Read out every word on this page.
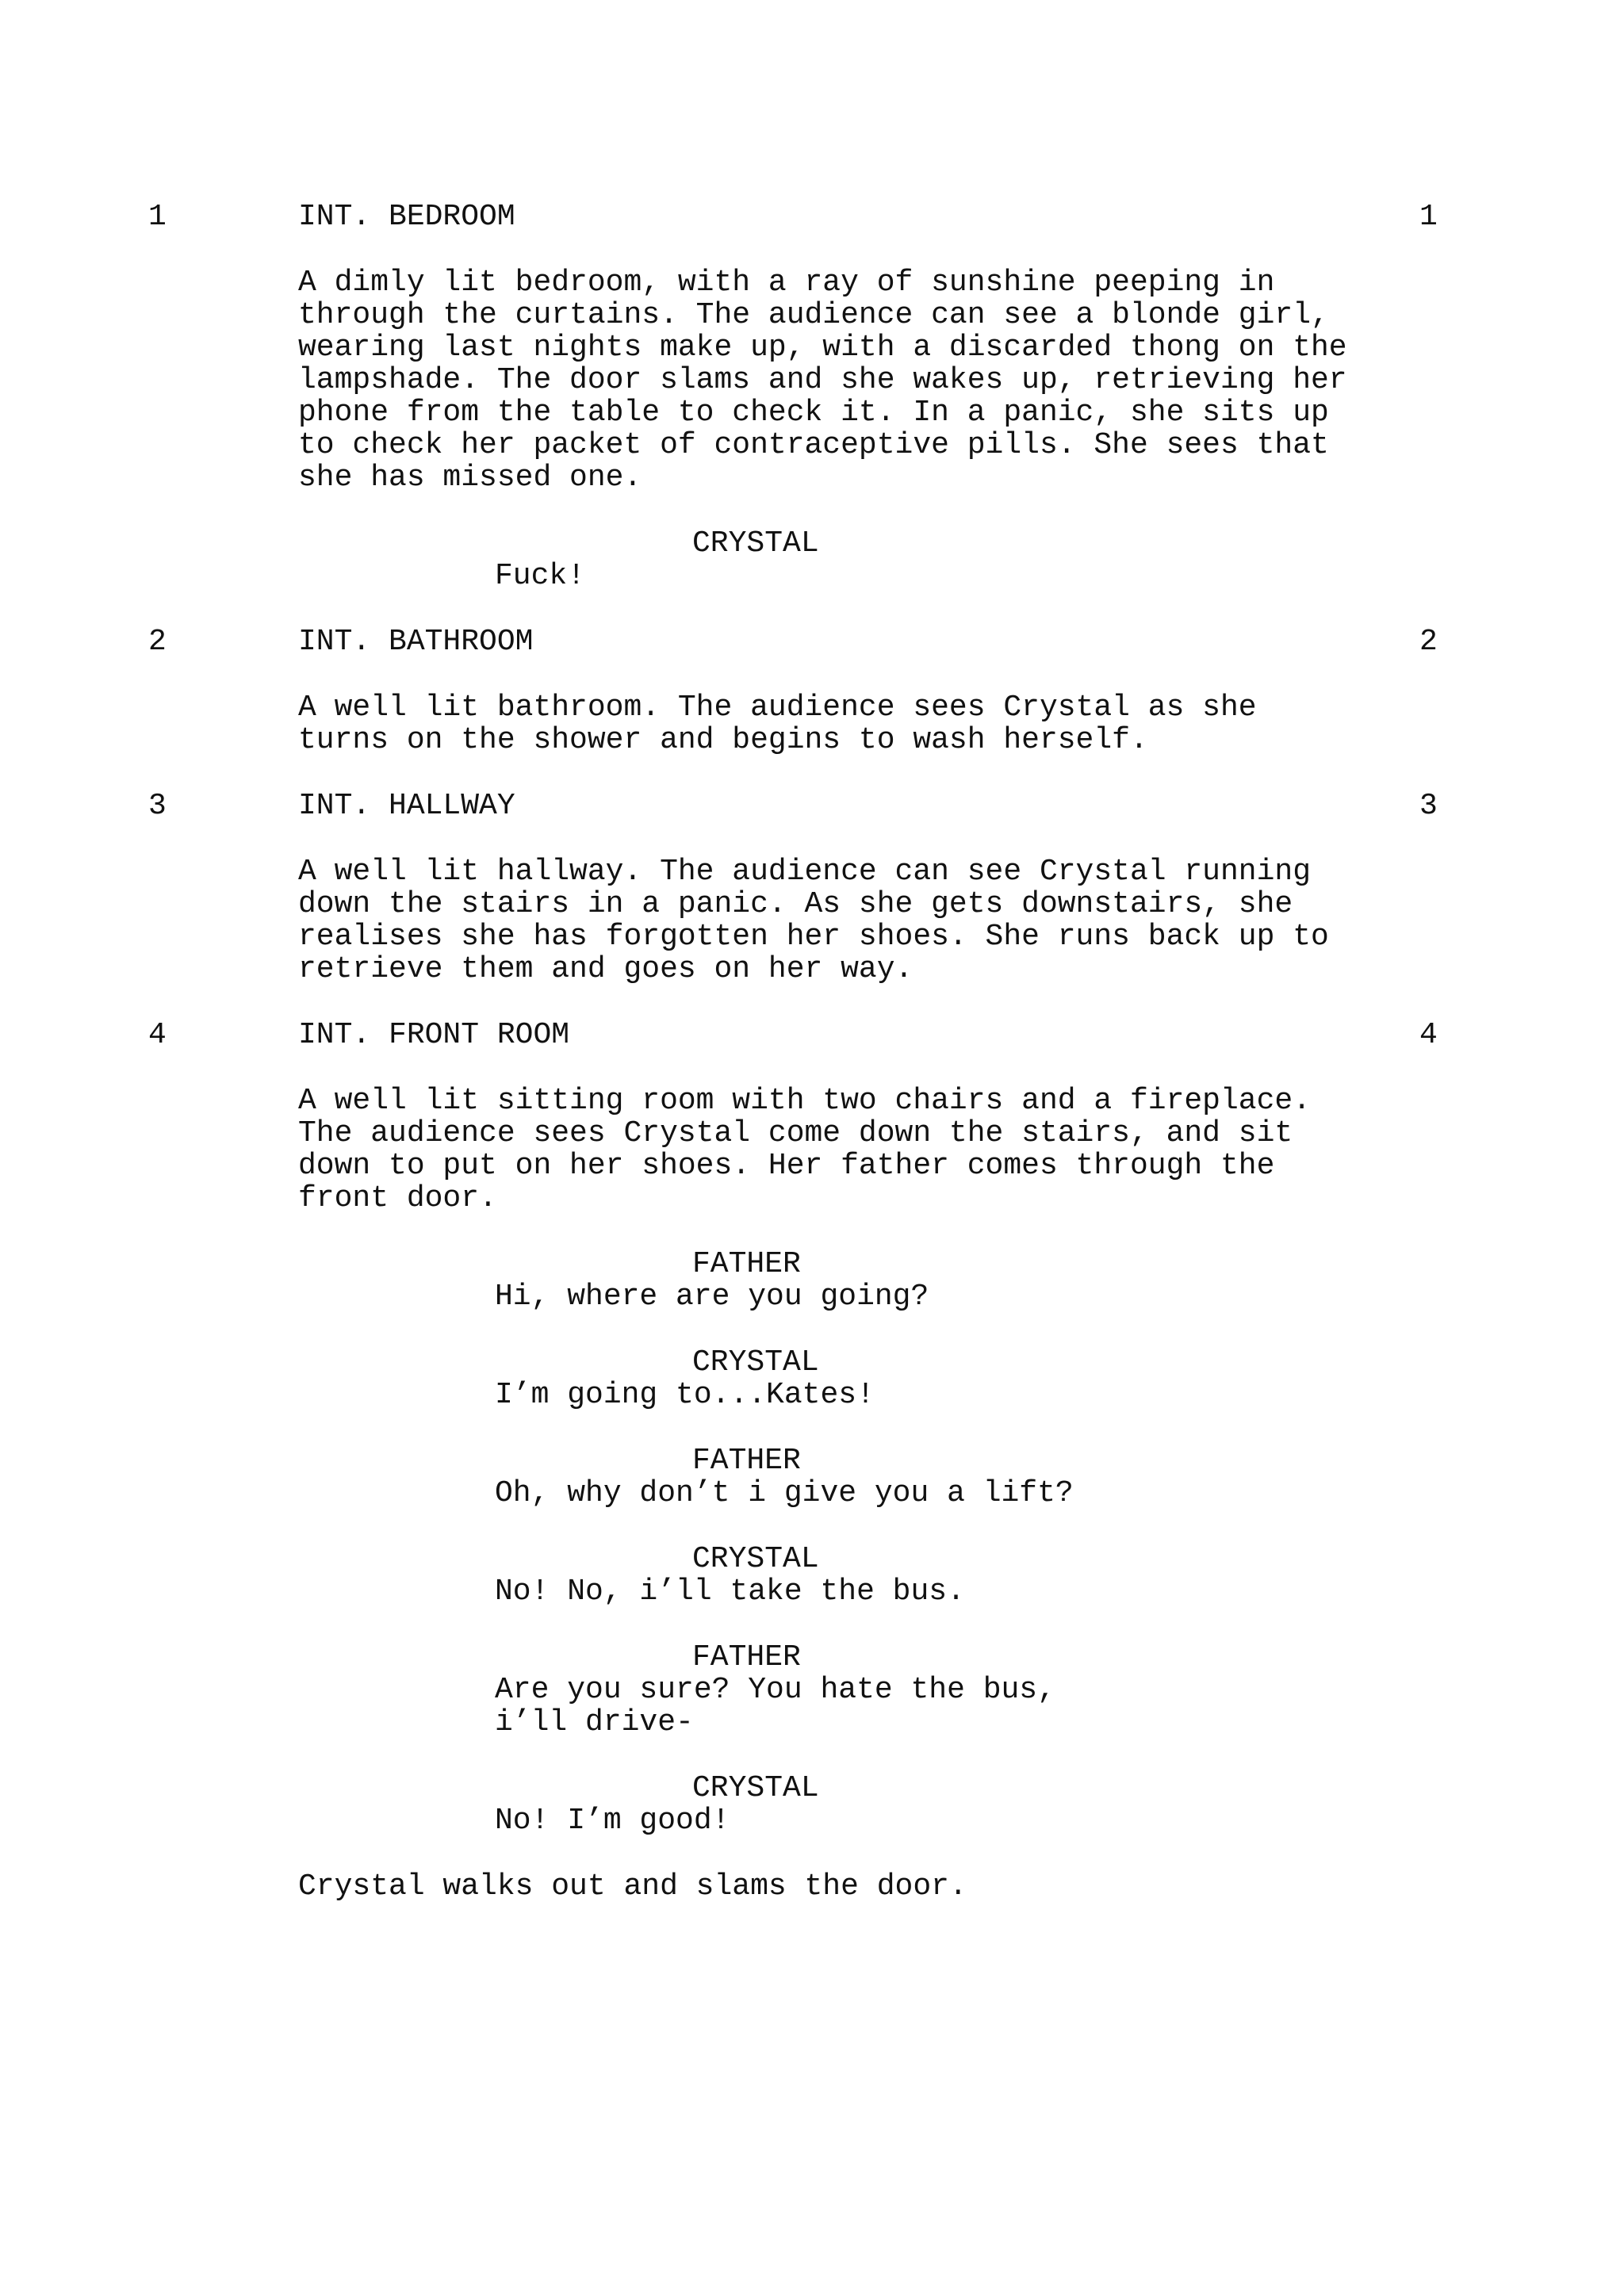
1	INT. BEDROOM	1
A dimly lit bedroom, with a ray of sunshine peeping in
through the curtains. The audience can see a blonde girl,
wearing last nights make up, with a discarded thong on the
lampshade. The door slams and she wakes up, retrieving her
phone from the table to check it. In a panic, she sits up
to check her packet of contraceptive pills. She sees that
she has missed one.
CRYSTAL
Fuck!
2	INT. BATHROOM	2
A well lit bathroom. The audience sees Crystal as she
turns on the shower and begins to wash herself.
3	INT. HALLWAY	3
A well lit hallway. The audience can see Crystal running
down the stairs in a panic. As she gets downstairs, she
realises she has forgotten her shoes. She runs back up to
retrieve them and goes on her way.
4	INT. FRONT ROOM	4
A well lit sitting room with two chairs and a fireplace.
The audience sees Crystal come down the stairs, and sit
down to put on her shoes. Her father comes through the
front door.
FATHER
Hi, where are you going?
CRYSTAL
I’m going to...Kates!
FATHER
Oh, why don’t i give you a lift?
CRYSTAL
No! No, i’ll take the bus.
FATHER
Are you sure? You hate the bus,
i’ll drive-
CRYSTAL
No! I’m good!
Crystal walks out and slams the door.
